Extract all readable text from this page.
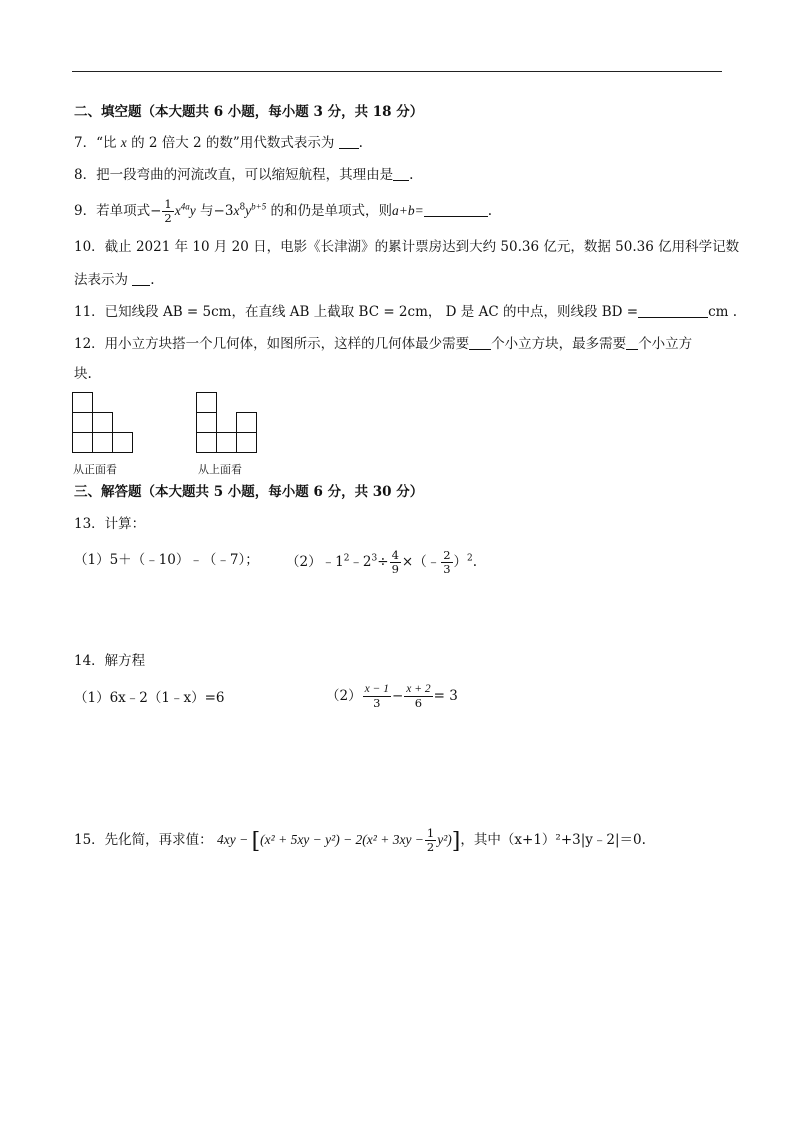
二、填空题（本大题共 6 小题，每小题 3 分，共 18 分）
7．“比 x 的 2 倍大 2 的数”用代数式表示为 .
8．把一段弯曲的河流改直，可以缩短航程，其理由是 .
9．若单项式− $\frac{1}{2} x^{4a}y$ 与$-3x^8y^{b+5}$ 的和仍是单项式，则a+b=	.
10．截止 2021 年 10 月 20 日，电影《长津湖》的累计票房达到大约 50.36 亿元，数据 50.36 亿用科学记数
法表示为 .
11．已知线段 AB = 5cm，在直线 AB 上截取 BC = 2cm， D 是 AC 的中点，则线段 BD =	cm .
12．用小立方块搭一个几何体，如图所示，这样的几何体最少需要 个小立方块，最多需要 个小立方
块.
从正面看	从上面看
三、解答题（本大题共 5 小题，每小题 6 分，共 30 分）
13．计算：
（1）5＋（﹣10）﹣（﹣7）； $(2)﹣1^2﹣2^3\div \frac{4}{9}$ ×（﹣ $\frac{2}{3} )^2$.
14．解方程
（1）6x﹣2（1﹣x）=6	$(2) \frac{x - 1}{3} - \frac{x + 2}{6} = 3$
15．先化简，再求值： $4xy - [(x^2 + 5xy - y^2) - 2(x^2 + 3xy - \frac{1}{2} y^2)]$，其中（x+1）²+3|y﹣2|＝0.
